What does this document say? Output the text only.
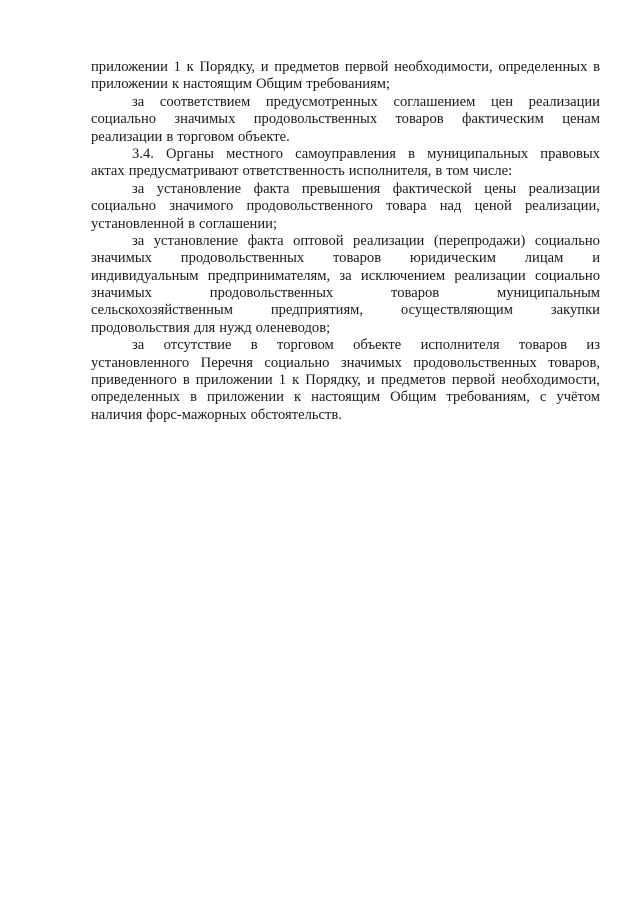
приложении 1 к Порядку, и предметов первой необходимости, определенных в
приложении к настоящим Общим требованиям;
за соответствием предусмотренных соглашением цен реализации
социально значимых продовольственных товаров фактическим ценам
реализации в торговом объекте.
3.4. Органы местного самоуправления в муниципальных правовых
актах предусматривают ответственность исполнителя, в том числе:
за установление факта превышения фактической цены реализации
социально значимого продовольственного товара над ценой реализации,
установленной в соглашении;
за установление факта оптовой реализации (перепродажи) социально
значимых продовольственных товаров юридическим лицам и
индивидуальным предпринимателям, за исключением реализации социально
значимых	продовольственных	товаров	муниципальным
сельскохозяйственным	предприятиям,	осуществляющим	закупки
продовольствия для нужд оленеводов;
за отсутствие в торговом объекте исполнителя товаров из
установленного Перечня социально значимых продовольственных товаров,
приведенного в приложении 1 к Порядку, и предметов первой необходимости,
определенных в приложении к настоящим Общим требованиям, с учётом
наличия форс-мажорных обстоятельств.
